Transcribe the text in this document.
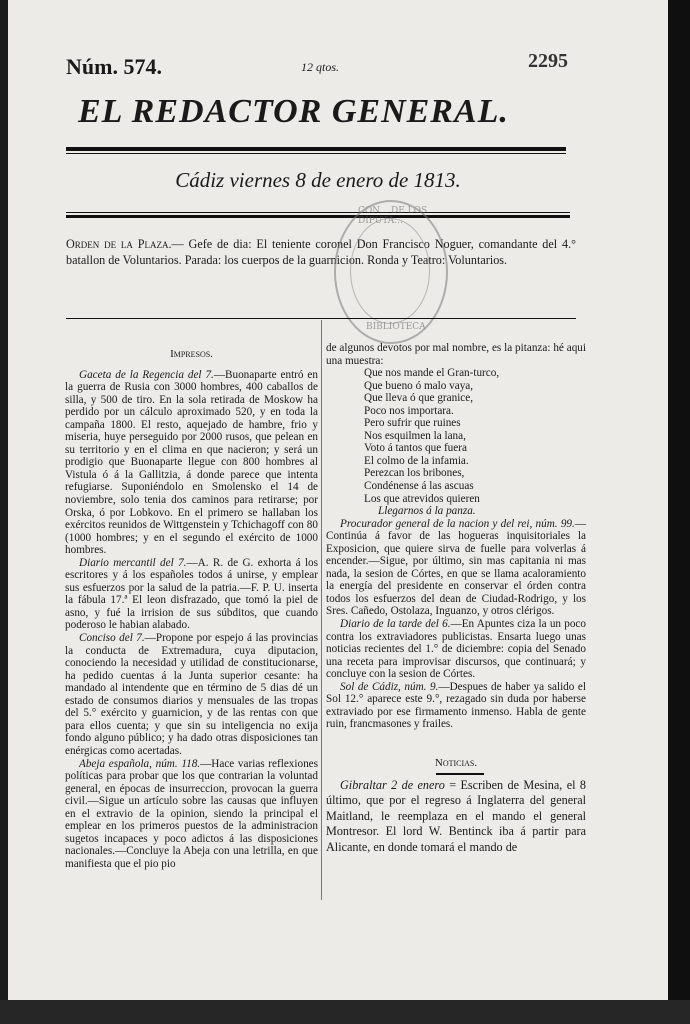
Núm. 574.	12 qtos.	2295
EL REDACTOR GENERAL.
Cádiz viernes 8 de enero de 1813.
Orden de la Plaza.— Gefe de dia: El teniente coronel Don Francisco Noguer, comandante del 4.° batallon de Voluntarios. Parada: los cuerpos de la guarnicion. Ronda y Teatro: Voluntarios.
CON... DE LOS DIPUTA...
BIBLIOTECA

Impresos.

Gaceta de la Regencia del 7.—Buonaparte entró en la guerra de Rusia con 3000 hombres, 400 caballos de silla, y 500 de tiro. En la sola retirada de Moskow ha perdido por un cálculo aproximado 520, y en toda la campaña 1800. El resto, aquejado de hambre, frio y miseria, huye perseguido por 2000 rusos, que pelean en su territorio y en el clima en que nacieron; y será un prodigio que Buonaparte llegue con 800 hombres al Vistula ó á la Gallitzia, á donde parece que intenta refugiarse. Suponiéndolo en Smolensko el 14 de noviembre, solo tenia dos caminos para retirarse; por Orska, ó por Lobkovo. En el primero se hallaban los exércitos reunidos de Wittgenstein y Tchichagoff con 80 (1000 hombres; y en el segundo el exército de 1000 hombres.

Diario mercantil del 7.—A. R. de G. exhorta á los escritores y á los españoles todos á unirse, y emplear sus esfuerzos por la salud de la patria.—F. P. U. inserta la fábula 17.ª El leon disfrazado, que tomó la piel de asno, y fué la irrision de sus súbditos, que cuando poderoso le habian alabado.

Conciso del 7.—Propone por espejo á las provincias la conducta de Extremadura, cuya diputacion, conociendo la necesidad y utilidad de constitucionarse, ha pedido cuentas á la Junta superior cesante: ha mandado al intendente que en término de 5 dias dé un estado de consumos diarios y mensuales de las tropas del 5.° exército y guarnicion, y de las rentas con que para ellos cuenta; y que sin su inteligencia no exija fondo alguno público; y ha dado otras disposiciones tan enérgicas como acertadas.

Abeja española, núm. 118.—Hace varias reflexiones políticas para probar que los que contrarian la voluntad general, en épocas de insurreccion, provocan la guerra civil.—Sigue un artículo sobre las causas que influyen en el extravio de la opinion, siendo la principal el emplear en los primeros puestos de la administracion sugetos incapaces y poco adictos á las disposiciones nacionales.—Concluye la Abeja con una letrilla, en que manifiesta que el pio pio

de algunos devotos por mal nombre, es la pitanza: hé aqui una muestra:

Que nos mande el Gran-turco,

Que bueno ó malo vaya,

Que lleva ó que granice,

Poco nos importara.

Pero sufrir que ruines

Nos esquilmen la lana,

Voto á tantos que fuera

El colmo de la infamia.

Perezcan los bribones,

Condénense á las ascuas

Los que atrevidos quieren

Llegarnos á la panza.

Procurador general de la nacion y del rei, núm. 99.—Continúa á favor de las hogueras inquisitoriales la Exposicion, que quiere sirva de fuelle para volverlas á encender.—Sigue, por último, sin mas capitania ni mas nada, la sesion de Córtes, en que se llama acaloramiento la energía del presidente en conservar el órden contra todos los esfuerzos del dean de Ciudad-Rodrigo, y los Sres. Cañedo, Ostolaza, Inguanzo, y otros clérigos.

Diario de la tarde del 6.—En Apuntes ciza la un poco contra los extraviadores publicistas. Ensarta luego unas noticias recientes del 1.° de diciembre: copia del Senado una receta para improvisar discursos, que continuará; y concluye con la sesion de Córtes.

Sol de Cádiz, núm. 9.—Despues de haber ya salido el Sol 12.° aparece este 9.°, rezagado sin duda por haberse extraviado por ese firmamento inmenso. Habla de gente ruin, francmasones y frailes.

Noticias.

Gibraltar 2 de enero = Escriben de Mesina, el 8 último, que por el regreso á Inglaterra del general Maitland, le reemplaza en el mando el general Montresor. El lord W. Bentinck iba á partir para Alicante, en donde tomará el mando de
